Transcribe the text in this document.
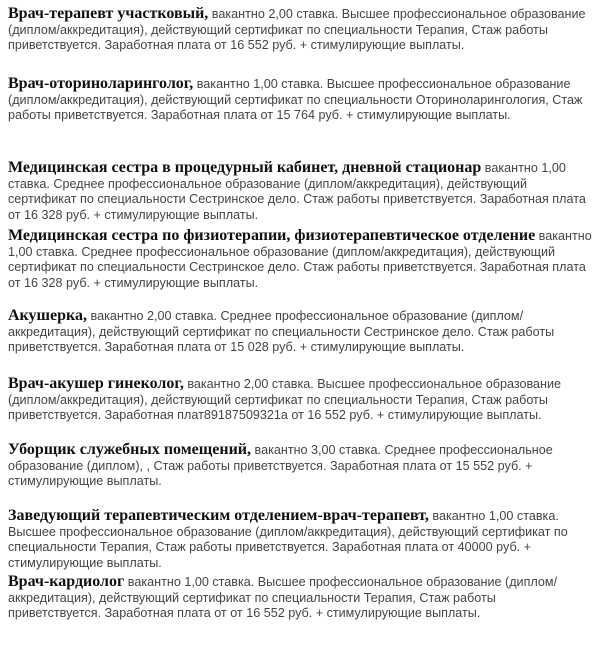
Врач-терапевт участковый, вакантно 2,00 ставка. Высшее профессиональное образование (диплом/аккредитация), действующий сертификат по специальности Терапия, Стаж работы приветствуется. Заработная плата от 16 552 руб. + стимулирующие выплаты.
Врач-оториноларинголог, вакантно 1,00 ставка. Высшее профессиональное образование (диплом/аккредитация), действующий сертификат по специальности Оториноларингология, Стаж работы приветствуется. Заработная плата от 15 764 руб. + стимулирующие выплаты.
Медицинская сестра в процедурный кабинет, дневной стационар вакантно 1,00 ставка. Среднее профессиональное образование (диплом/аккредитация), действующий сертификат по специальности Сестринское дело. Стаж работы приветствуется. Заработная плата от 16 328 руб. + стимулирующие выплаты.
Медицинская сестра по физиотерапии, физиотерапевтическое отделение вакантно 1,00 ставка. Среднее профессиональное образование (диплом/аккредитация), действующий сертификат по специальности Сестринское дело. Стаж работы приветствуется. Заработная плата от 16 328 руб. + стимулирующие выплаты.
Акушерка, вакантно 2,00 ставка. Среднее профессиональное образование (диплом/аккредитация), действующий сертификат по специальности Сестринское дело. Стаж работы приветствуется. Заработная плата от 15 028 руб. + стимулирующие выплаты.
Врач-акушер гинеколог, вакантно 2,00 ставка. Высшее профессиональное образование (диплом/аккредитация), действующий сертификат по специальности Терапия, Стаж работы приветствуется. Заработная плат89187509321а от 16 552 руб. + стимулирующие выплаты.
Уборщик служебных помещений, вакантно 3,00 ставка. Среднее профессиональное образование (диплом), , Стаж работы приветствуется. Заработная плата от 15 552 руб. + стимулирующие выплаты.
Заведующий терапевтическим отделением-врач-терапевт, вакантно 1,00 ставка. Высшее профессиональное образование (диплом/аккредитация), действующий сертификат по специальности Терапия, Стаж работы приветствуется. Заработная плата от 40000 руб. + стимулирующие выплаты.
Врач-кардиолог вакантно 1,00 ставка. Высшее профессиональное образование (диплом/аккредитация), действующий сертификат по специальности Терапия, Стаж работы приветствуется. Заработная плата от от 16 552 руб. + стимулирующие выплаты.
